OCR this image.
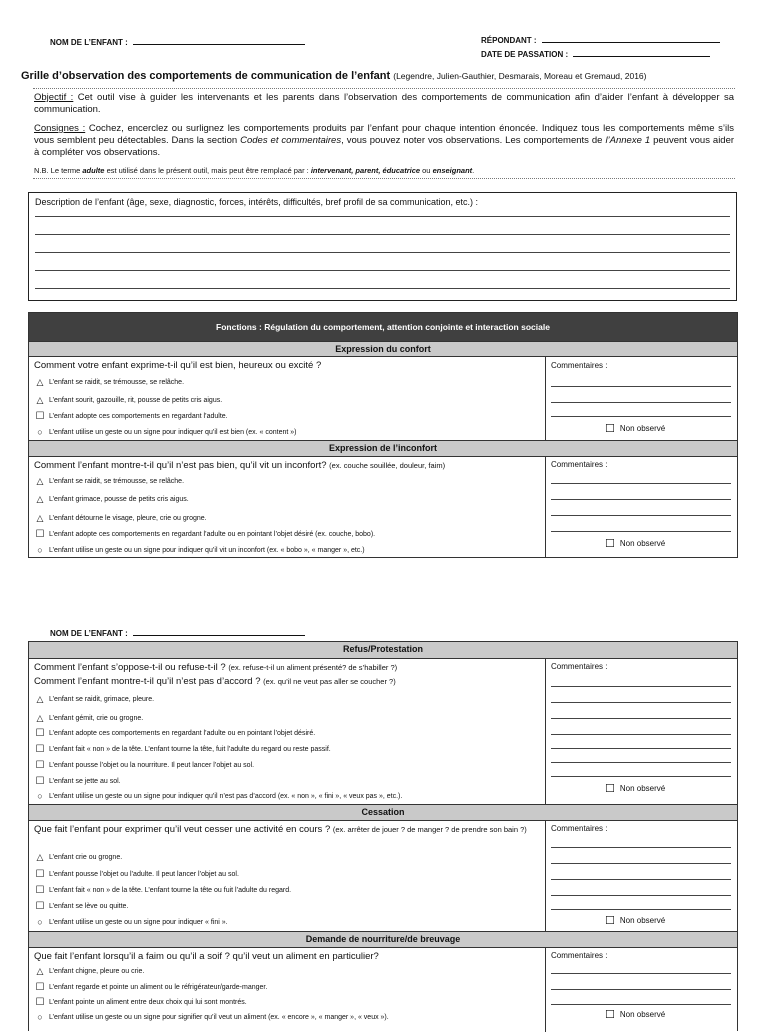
NOM DE L’ENFANT :	RÉPONDANT :
DATE DE PASSATION :
Grille d’observation des comportements de communication de l’enfant (Legendre, Julien-Gauthier, Desmarais, Moreau et Gremaud, 2016)
Objectif : Cet outil vise à guider les intervenants et les parents dans l’observation des comportements de communication afin d’aider l’enfant à développer sa communication.
Consignes : Cochez, encerclez ou surlignez les comportements produits par l’enfant pour chaque intention énoncée. Indiquez tous les comportements même s’ils vous semblent peu détectables. Dans la section Codes et commentaires, vous pouvez noter vos observations. Les comportements de l’Annexe 1 peuvent vous aider à compléter vos observations.
N.B. Le terme adulte est utilisé dans le présent outil, mais peut être remplacé par : intervenant, parent, éducatrice ou enseignant.
Description de l’enfant (âge, sexe, diagnostic, forces, intérêts, difficultés, bref profil de sa communication, etc.) :
Fonctions : Régulation du comportement, attention conjointe et interaction sociale
Expression du confort
Comment votre enfant exprime-t-il qu’il est bien, heureux ou excité ?
△ L’enfant se raidit, se trémousse, se relâche.
△ L’enfant sourit, gazouille, rit, pousse de petits cris aigus.
☐ L’enfant adopte ces comportements en regardant l’adulte.
○ L’enfant utilise un geste ou un signe pour indiquer qu’il est bien (ex. « content »)
Commentaires :
☐ Non observé
Expression de l’inconfort
Comment l’enfant montre-t-il qu’il n’est pas bien, qu’il vit un inconfort? (ex. couche souillée, douleur, faim)
△ L’enfant se raidit, se trémousse, se relâche.
△ L’enfant grimace, pousse de petits cris aigus.
△ L’enfant détourne le visage, pleure, crie ou grogne.
☐ L’enfant adopte ces comportements en regardant l’adulte ou en pointant l’objet désiré (ex. couche, bobo).
○ L’enfant utilise un geste ou un signe pour indiquer qu’il vit un inconfort (ex. « bobo », « manger », etc.)
Commentaires :
☐ Non observé
NOM DE L’ENFANT :
Refus/Protestation
Comment l’enfant s’oppose-t-il ou refuse-t-il ? (ex. refuse-t-il un aliment présenté? de s’habiller ?)
Comment l’enfant montre-t-il qu’il n’est pas d’accord ? (ex. qu’il ne veut pas aller se coucher ?)
△ L’enfant se raidit, grimace, pleure.
△ L’enfant gémit, crie ou grogne.
☐ L’enfant adopte ces comportements en regardant l’adulte ou en pointant l’objet désiré.
☐ L’enfant fait « non » de la tête. L’enfant tourne la tête, fuit l’adulte du regard ou reste passif.
☐ L’enfant pousse l’objet ou la nourriture. Il peut lancer l’objet au sol.
☐ L’enfant se jette au sol.
○ L’enfant utilise un geste ou un signe pour indiquer qu’il n’est pas d’accord (ex. « non », « fini », « veux pas », etc.).
Commentaires :
☐ Non observé
Cessation
Que fait l’enfant pour exprimer qu’il veut cesser une activité en cours ? (ex. arrêter de jouer ? de manger ? de prendre son bain ?)
△ L’enfant crie ou grogne.
☐ L’enfant pousse l’objet ou l’adulte. Il peut lancer l’objet au sol.
☐ L’enfant fait « non » de la tête. L’enfant tourne la tête ou fuit l’adulte du regard.
☐ L’enfant se lève ou quitte.
○ L’enfant utilise un geste ou un signe pour indiquer « fini ».
Commentaires :
☐ Non observé
Demande de nourriture/de breuvage
Que fait l’enfant lorsqu’il a faim ou qu’il a soif ? qu’il veut un aliment en particulier?
△ L’enfant chigne, pleure ou crie.
☐ L’enfant regarde et pointe un aliment ou le réfrigérateur/garde-manger.
☐ L’enfant pointe un aliment entre deux choix qui lui sont montrés.
○ L’enfant utilise un geste ou un signe pour signifier qu’il veut un aliment (ex. « encore », « manger », « veux »).
Commentaires :
☐ Non observé
